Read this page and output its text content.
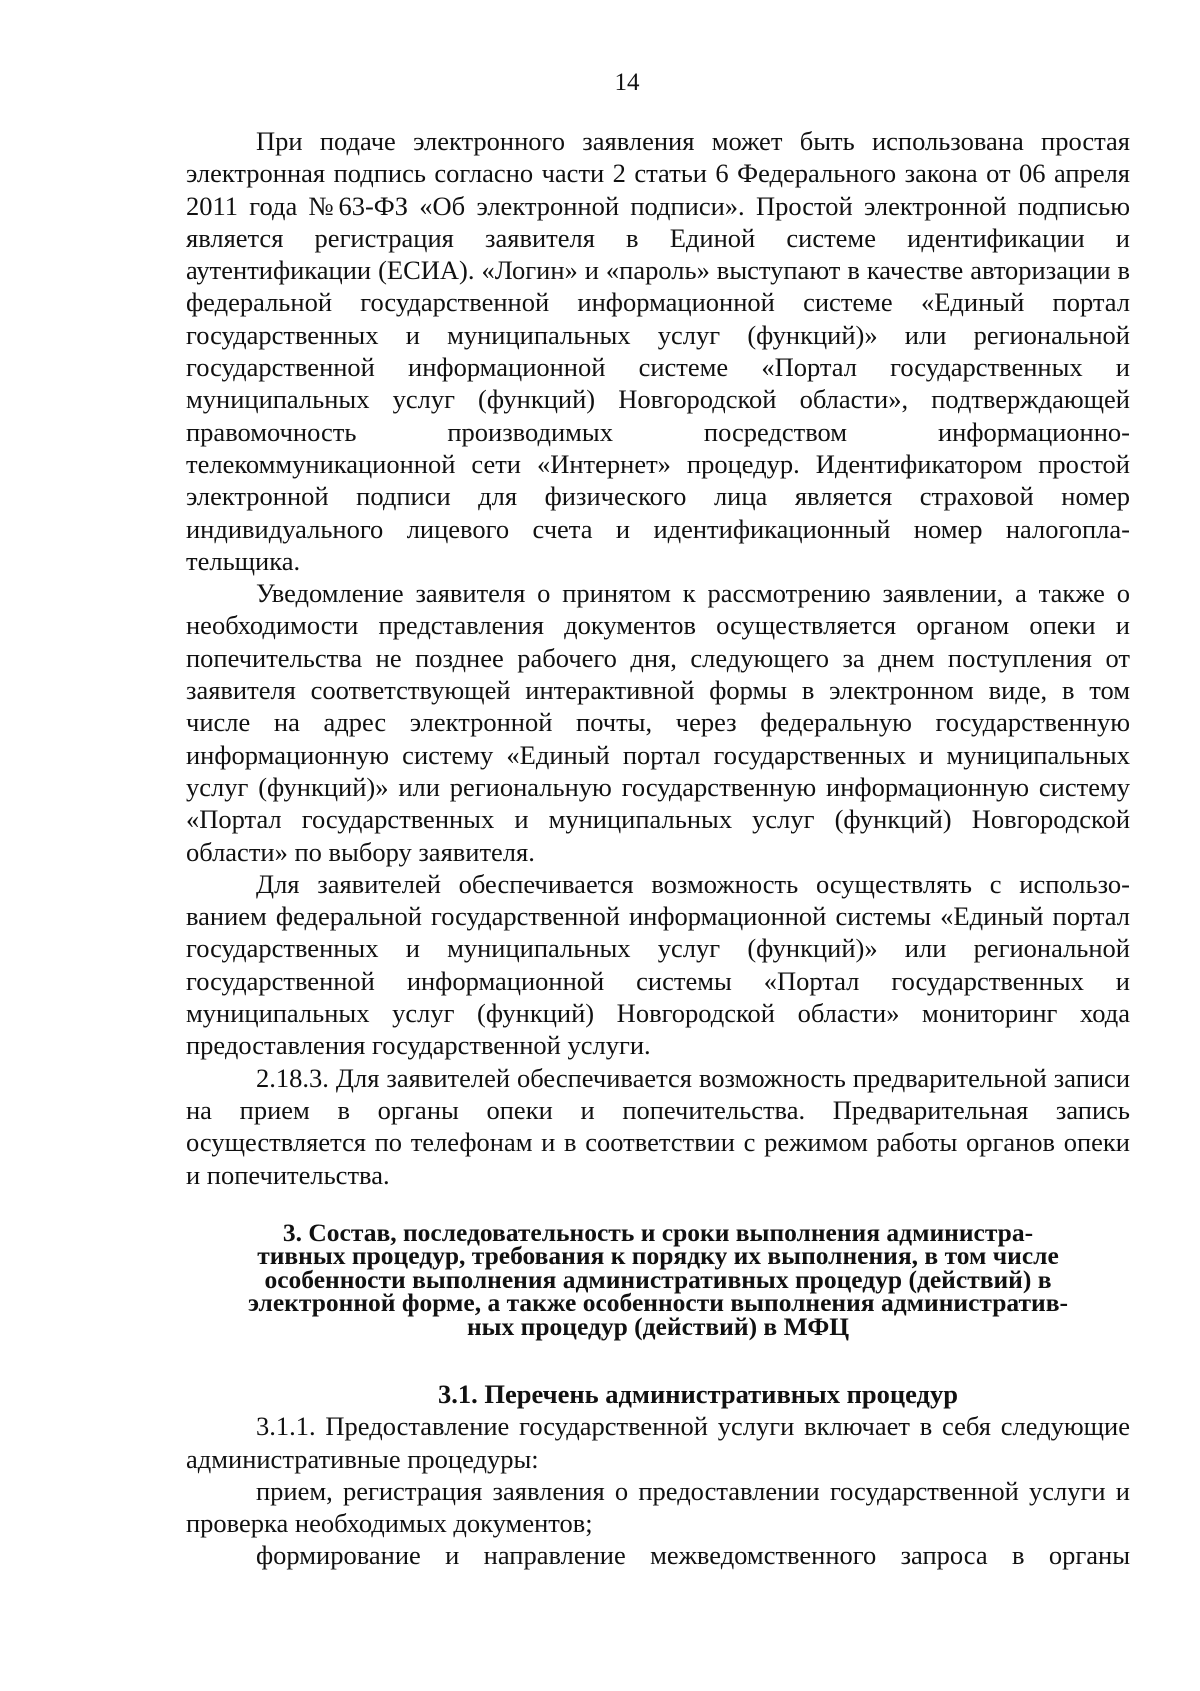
14

При подаче электронного заявления может быть использована простая электронная подпись согласно части 2 статьи 6 Федерального закона от 06 апреля 2011 года №63-ФЗ «Об электронной подписи». Простой электронной подписью является регистрация заявителя в Единой системе идентификации и аутентификации (ЕСИА). «Логин» и «пароль» выступают в качестве авторизации в федеральной государственной информационной системе «Единый портал государственных и муниципальных услуг (функций)» или региональной государственной информационной системе «Портал государственных и муниципальных услуг (функций) Новгородской области», подтверждающей правомочность производимых посредством информационно-телекоммуникационной сети «Интернет» процедур. Идентификатором простой электронной подписи для физического лица является страховой номер индивидуального лицевого счета и идентификационный номер налогоплательщика.

Уведомление заявителя о принятом к рассмотрению заявлении, а также о необходимости представления документов осуществляется органом опеки и попечительства не позднее рабочего дня, следующего за днем поступления от заявителя соответствующей интерактивной формы в электронном виде, в том числе на адрес электронной почты, через федеральную государственную информационную систему «Единый портал государственных и муниципальных услуг (функций)» или региональную государственную информационную систему «Портал государственных и муниципальных услуг (функций) Новгородской области» по выбору заявителя.

Для заявителей обеспечивается возможность осуществлять с использованием федеральной государственной информационной системы «Единый портал государственных и муниципальных услуг (функций)» или региональной государственной информационной системы «Портал государственных и муниципальных услуг (функций) Новгородской области» мониторинг хода предоставления государственной услуги.

2.18.3. Для заявителей обеспечивается возможность предварительной записи на прием в органы опеки и попечительства. Предварительная запись осуществляется по телефонам и в соответствии с режимом работы органов опеки и попечительства.

3. Состав, последовательность и сроки выполнения администра-
тивных процедур, требования к порядку их выполнения, в том числе
особенности выполнения административных процедур (действий) в
электронной форме, а также особенности выполнения административ-
ных процедур (действий) в МФЦ
3.1. Перечень административных процедур

3.1.1. Предоставление государственной услуги включает в себя следующие административные процедуры:

прием, регистрация заявления о предоставлении государственной услуги и проверка необходимых документов;

формирование и направление межведомственного запроса в органы
